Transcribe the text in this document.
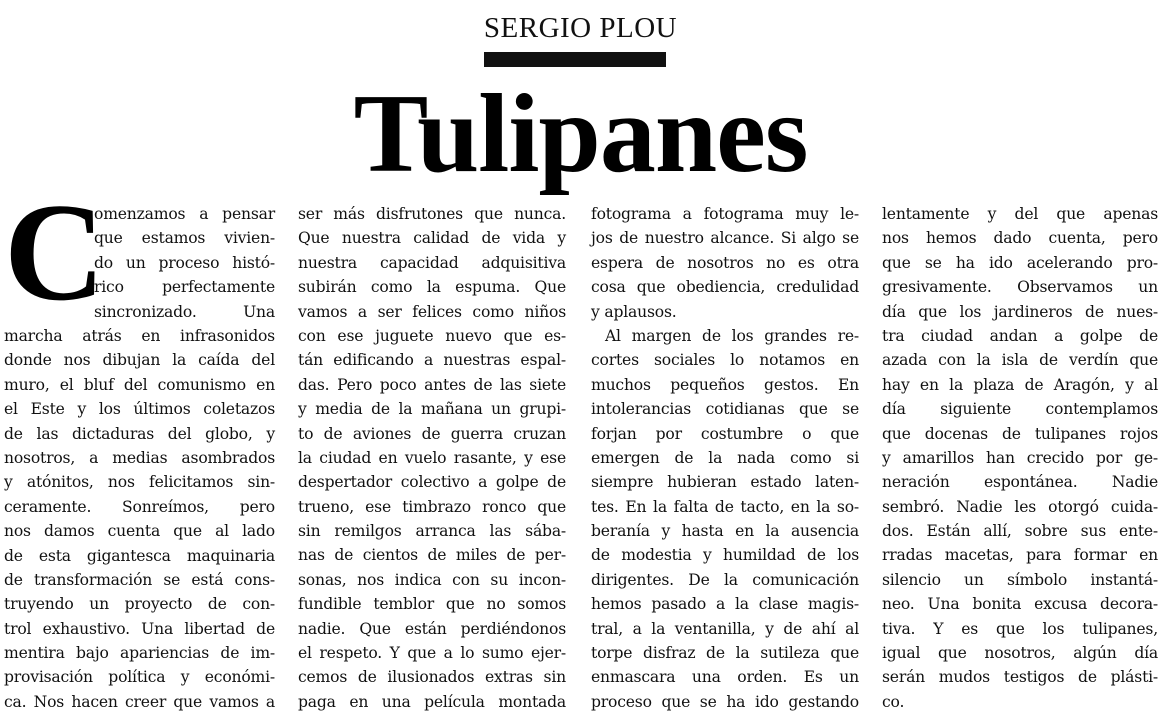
SERGIO PLOU
Tulipanes
C
omenzamos a pensar
que estamos vivien-
do un proceso histó-
rico perfectamente
sincronizado. Una
marcha atrás en infrasonidos
donde nos dibujan la caída del
muro, el bluf del comunismo en
el Este y los últimos coletazos
de las dictaduras del globo, y
nosotros, a medias asombrados
y atónitos, nos felicitamos sin-
ceramente. Sonreímos, pero
nos damos cuenta que al lado
de esta gigantesca maquinaria
de transformación se está cons-
truyendo un proyecto de con-
trol exhaustivo. Una libertad de
mentira bajo apariencias de im-
provisación política y económi-
ca. Nos hacen creer que vamos a
ser más disfrutones que nunca.
Que nuestra calidad de vida y
nuestra capacidad adquisitiva
subirán como la espuma. Que
vamos a ser felices como niños
con ese juguete nuevo que es-
tán edificando a nuestras espal-
das. Pero poco antes de las siete
y media de la mañana un grupi-
to de aviones de guerra cruzan
la ciudad en vuelo rasante, y ese
despertador colectivo a golpe de
trueno, ese timbrazo ronco que
sin remilgos arranca las sába-
nas de cientos de miles de per-
sonas, nos indica con su incon-
fundible temblor que no somos
nadie. Que están perdiéndonos
el respeto. Y que a lo sumo ejer-
cemos de ilusionados extras sin
paga en una película montada
fotograma a fotograma muy le-
jos de nuestro alcance. Si algo se
espera de nosotros no es otra
cosa que obediencia, credulidad
y aplausos.
Al margen de los grandes re-
cortes sociales lo notamos en
muchos pequeños gestos. En
intolerancias cotidianas que se
forjan por costumbre o que
emergen de la nada como si
siempre hubieran estado laten-
tes. En la falta de tacto, en la so-
beranía y hasta en la ausencia
de modestia y humildad de los
dirigentes. De la comunicación
hemos pasado a la clase magis-
tral, a la ventanilla, y de ahí al
torpe disfraz de la sutileza que
enmascara una orden. Es un
proceso que se ha ido gestando
lentamente y del que apenas
nos hemos dado cuenta, pero
que se ha ido acelerando pro-
gresivamente. Observamos un
día que los jardineros de nues-
tra ciudad andan a golpe de
azada con la isla de verdín que
hay en la plaza de Aragón, y al
día siguiente contemplamos
que docenas de tulipanes rojos
y amarillos han crecido por ge-
neración espontánea. Nadie
sembró. Nadie les otorgó cuida-
dos. Están allí, sobre sus ente-
rradas macetas, para formar en
silencio un símbolo instantá-
neo. Una bonita excusa decora-
tiva. Y es que los tulipanes,
igual que nosotros, algún día
serán mudos testigos de plásti-
co.
